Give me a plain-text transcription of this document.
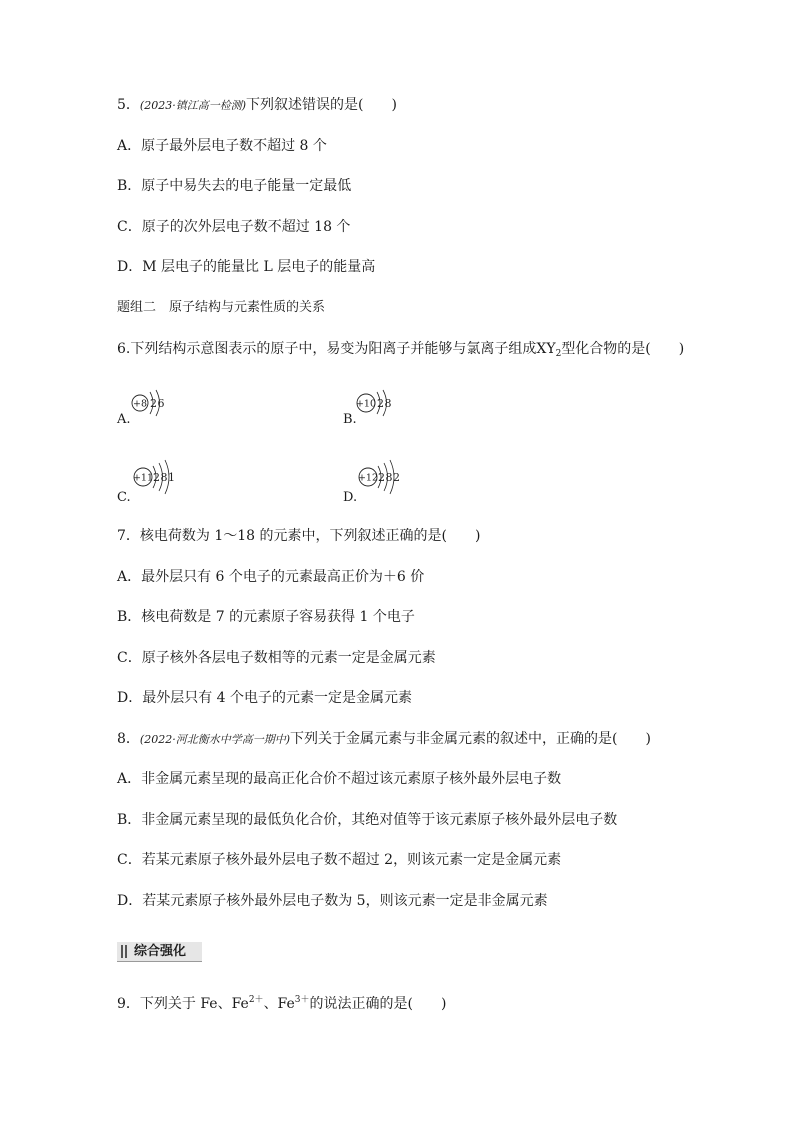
5．(2023·镇江高一检测)下列叙述错误的是(　　)
A．原子最外层电子数不超过 8 个
B．原子中易失去的电子能量一定最低
C．原子的次外层电子数不超过 18 个
D．M 层电子的能量比 L 层电子的能量高
题组二　原子结构与元素性质的关系
6.下列结构示意图表示的原子中，易变为阳离子并能够与氯离子组成$XY_2$型化合物的是(　　)
A.
+8 26
B.
+10 28
C.
+11 281
D.
+12 282
7．核电荷数为 1～18 的元素中，下列叙述正确的是(　　)
A．最外层只有 6 个电子的元素最高正价为＋6 价
B．核电荷数是 7 的元素原子容易获得 1 个电子
C．原子核外各层电子数相等的元素一定是金属元素
D．最外层只有 4 个电子的元素一定是金属元素
8．(2022·河北衡水中学高一期中)下列关于金属元素与非金属元素的叙述中，正确的是(　　)
A．非金属元素呈现的最高正化合价不超过该元素原子核外最外层电子数
B．非金属元素呈现的最低负化合价，其绝对值等于该元素原子核外最外层电子数
C．若某元素原子核外最外层电子数不超过 2，则该元素一定是金属元素
D．若某元素原子核外最外层电子数为 5，则该元素一定是非金属元素
综合强化
9．下列关于 Fe、$Fe^{2+}$、$Fe^{3+}$的说法正确的是(　　)
